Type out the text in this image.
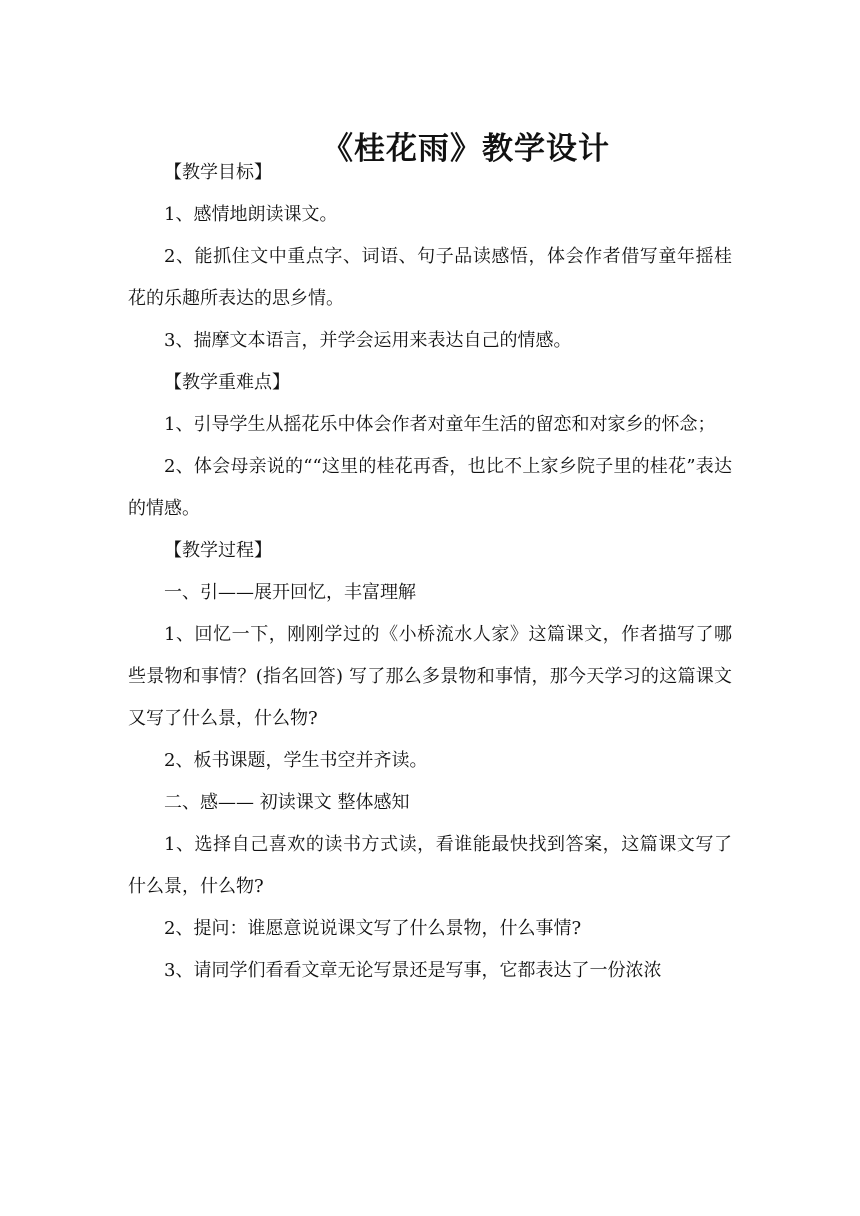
《桂花雨》教学设计

【教学目标】

1、感情地朗读课文。

2、能抓住文中重点字、词语、句子品读感悟，体会作者借写童年摇桂花的乐趣所表达的思乡情。

3、揣摩文本语言，并学会运用来表达自己的情感。

【教学重难点】

1、引导学生从摇花乐中体会作者对童年生活的留恋和对家乡的怀念；

2、体会母亲说的““这里的桂花再香，也比不上家乡院子里的桂花”表达的情感。

【教学过程】

一、引——展开回忆，丰富理解

1、回忆一下，刚刚学过的《小桥流水人家》这篇课文，作者描写了哪些景物和事情？(指名回答) 写了那么多景物和事情，那今天学习的这篇课文又写了什么景，什么物?

2、板书课题，学生书空并齐读。

二、感—— 初读课文 整体感知

1、选择自己喜欢的读书方式读，看谁能最快找到答案，这篇课文写了什么景，什么物?

2、提问：谁愿意说说课文写了什么景物，什么事情?

3、请同学们看看文章无论写景还是写事，它都表达了一份浓浓
